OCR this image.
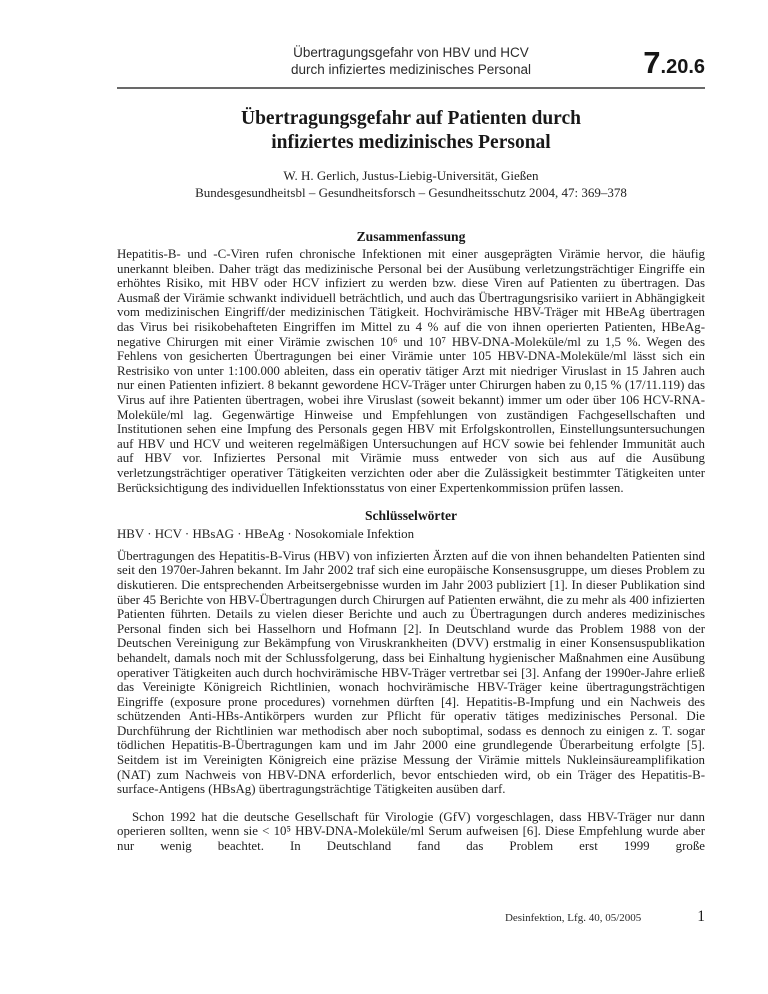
Übertragungsgefahr von HBV und HCV
durch infiziertes medizinisches Personal	7.20.6
Übertragungsgefahr auf Patienten durch
infiziertes medizinisches Personal
W. H. Gerlich, Justus-Liebig-Universität, Gießen
Bundesgesundheitsbl – Gesundheitsforsch – Gesundheitsschutz 2004, 47: 369–378
Zusammenfassung

Hepatitis-B- und -C-Viren rufen chronische Infektionen mit einer ausgeprägten Virämie hervor, die häufig unerkannt bleiben. Daher trägt das medizinische Personal bei der Ausübung verletzungsträchtiger Eingriffe ein erhöhtes Risiko, mit HBV oder HCV infiziert zu werden bzw. diese Viren auf Patienten zu übertragen. Das Ausmaß der Virämie schwankt individuell beträchtlich, und auch das Übertragungsrisiko variiert in Abhängigkeit vom medizinischen Eingriff/der medizinischen Tätigkeit. Hochvirämische HBV-Träger mit HBeAg übertragen das Virus bei risikobehafteten Eingriffen im Mittel zu 4 % auf die von ihnen operierten Patienten, HBeAg-negative Chirurgen mit einer Virämie zwischen 10⁶ und 10⁷ HBV-DNA-Moleküle/ml zu 1,5 %. Wegen des Fehlens von gesicherten Übertragungen bei einer Virämie unter 105 HBV-DNA-Moleküle/ml lässt sich ein Restrisiko von unter 1:100.000 ableiten, dass ein operativ tätiger Arzt mit niedriger Viruslast in 15 Jahren auch nur einen Patienten infiziert. 8 bekannt gewordene HCV-Träger unter Chirurgen haben zu 0,15 % (17/11.119) das Virus auf ihre Patienten übertragen, wobei ihre Viruslast (soweit bekannt) immer um oder über 106 HCV-RNA-Moleküle/ml lag. Gegenwärtige Hinweise und Empfehlungen von zuständigen Fachgesellschaften und Institutionen sehen eine Impfung des Personals gegen HBV mit Erfolgskontrollen, Einstellungsuntersuchungen auf HBV und HCV und weiteren regelmäßigen Untersuchungen auf HCV sowie bei fehlender Immunität auch auf HBV vor. Infiziertes Personal mit Virämie muss entweder von sich aus auf die Ausübung verletzungsträchtiger operativer Tätigkeiten verzichten oder aber die Zulässigkeit bestimmter Tätigkeiten unter Berücksichtigung des individuellen Infektionsstatus von einer Expertenkommission prüfen lassen.

Schlüsselwörter
HBV · HCV · HBsAG · HBeAg · Nosokomiale Infektion

Übertragungen des Hepatitis-B-Virus (HBV) von infizierten Ärzten auf die von ihnen behandelten Patienten sind seit den 1970er-Jahren bekannt. Im Jahr 2002 traf sich eine europäische Konsensusgruppe, um dieses Problem zu diskutieren. Die entsprechenden Arbeitsergebnisse wurden im Jahr 2003 publiziert [1]. In dieser Publikation sind über 45 Berichte von HBV-Übertragungen durch Chirurgen auf Patienten erwähnt, die zu mehr als 400 infizierten Patienten führten. Details zu vielen dieser Berichte und auch zu Übertragungen durch anderes medizinisches Personal finden sich bei Hasselhorn und Hofmann [2]. In Deutschland wurde das Problem 1988 von der Deutschen Vereinigung zur Bekämpfung von Viruskrankheiten (DVV) erstmalig in einer Konsensuspublikation behandelt, damals noch mit der Schlussfolgerung, dass bei Einhaltung hygienischer Maßnahmen eine Ausübung operativer Tätigkeiten auch durch hochvirämische HBV-Träger vertretbar sei [3]. Anfang der 1990er-Jahre erließ das Vereinigte Königreich Richtlinien, wonach hochvirämische HBV-Träger keine übertragungsträchtigen Eingriffe (exposure prone procedures) vornehmen dürften [4]. Hepatitis-B-Impfung und ein Nachweis des schützenden Anti-HBs-Antikörpers wurden zur Pflicht für operativ tätiges medizinisches Personal. Die Durchführung der Richtlinien war methodisch aber noch suboptimal, sodass es dennoch zu einigen z. T. sogar tödlichen Hepatitis-B-Übertragungen kam und im Jahr 2000 eine grundlegende Überarbeitung erfolgte [5]. Seitdem ist im Vereinigten Königreich eine präzise Messung der Virämie mittels Nukleinsäureamplifikation (NAT) zum Nachweis von HBV-DNA erforderlich, bevor entschieden wird, ob ein Träger des Hepatitis-B-surface-Antigens (HBsAg) übertragungsträchtige Tätigkeiten ausüben darf.

Schon 1992 hat die deutsche Gesellschaft für Virologie (GfV) vorgeschlagen, dass HBV-Träger nur dann operieren sollten, wenn sie < 10⁵ HBV-DNA-Moleküle/ml Serum aufweisen [6]. Diese Empfehlung wurde aber nur wenig beachtet. In Deutschland fand das Problem erst 1999 große

Desinfektion, Lfg. 40, 05/2005	1
